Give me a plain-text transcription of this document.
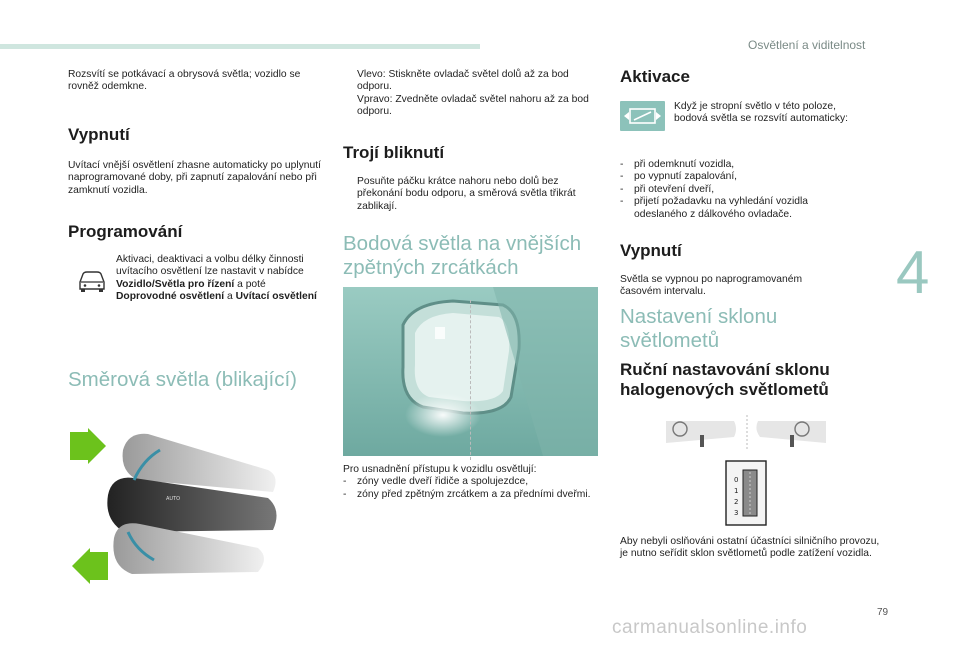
Osvětlení a viditelnost
Rozsvítí se potkávací a obrysová světla; vozidlo se rovněž odemkne.
Vypnutí
Uvítací vnější osvětlení zhasne automaticky po uplynutí naprogramované doby, při zapnutí zapalování nebo při zamknutí vozidla.
Programování
Aktivaci, deaktivaci a volbu délky činnosti uvítacího osvětlení lze nastavit v nabídce Vozidlo/Světla pro řízení a poté Doprovodné osvětlení a Uvítací osvětlení
Směrová světla (blikající)
AUTO
Vlevo: Stiskněte ovladač světel dolů až za bod odporu.
Vpravo: Zvedněte ovladač světel nahoru až za bod odporu.
Trojí bliknutí
Posuňte páčku krátce nahoru nebo dolů bez překonání bodu odporu, a směrová světla třikrát zablikají.
Bodová světla na vnějších zpětných zrcátkách
Pro usnadnění přístupu k vozidlu osvětlují:
- zóny vedle dveří řidiče a spolujezdce,
- zóny před zpětným zrcátkem a za předními dveřmi.
Aktivace
Když je stropní světlo v této poloze, bodová světla se rozsvítí automaticky:
- při odemknutí vozidla,
- po vypnutí zapalování,
- při otevření dveří,
- přijetí požadavku na vyhledání vozidla odeslaného z dálkového ovladače.
Vypnutí
Světla se vypnou po naprogramovaném časovém intervalu.
Nastavení sklonu světlometů
Ruční nastavování sklonu halogenových světlometů
0
1
2
3
Aby nebyli oslňováni ostatní účastníci silničního provozu, je nutno seřídit sklon světlometů podle zatížení vozidla.
4
79
carmanualsonline.info
